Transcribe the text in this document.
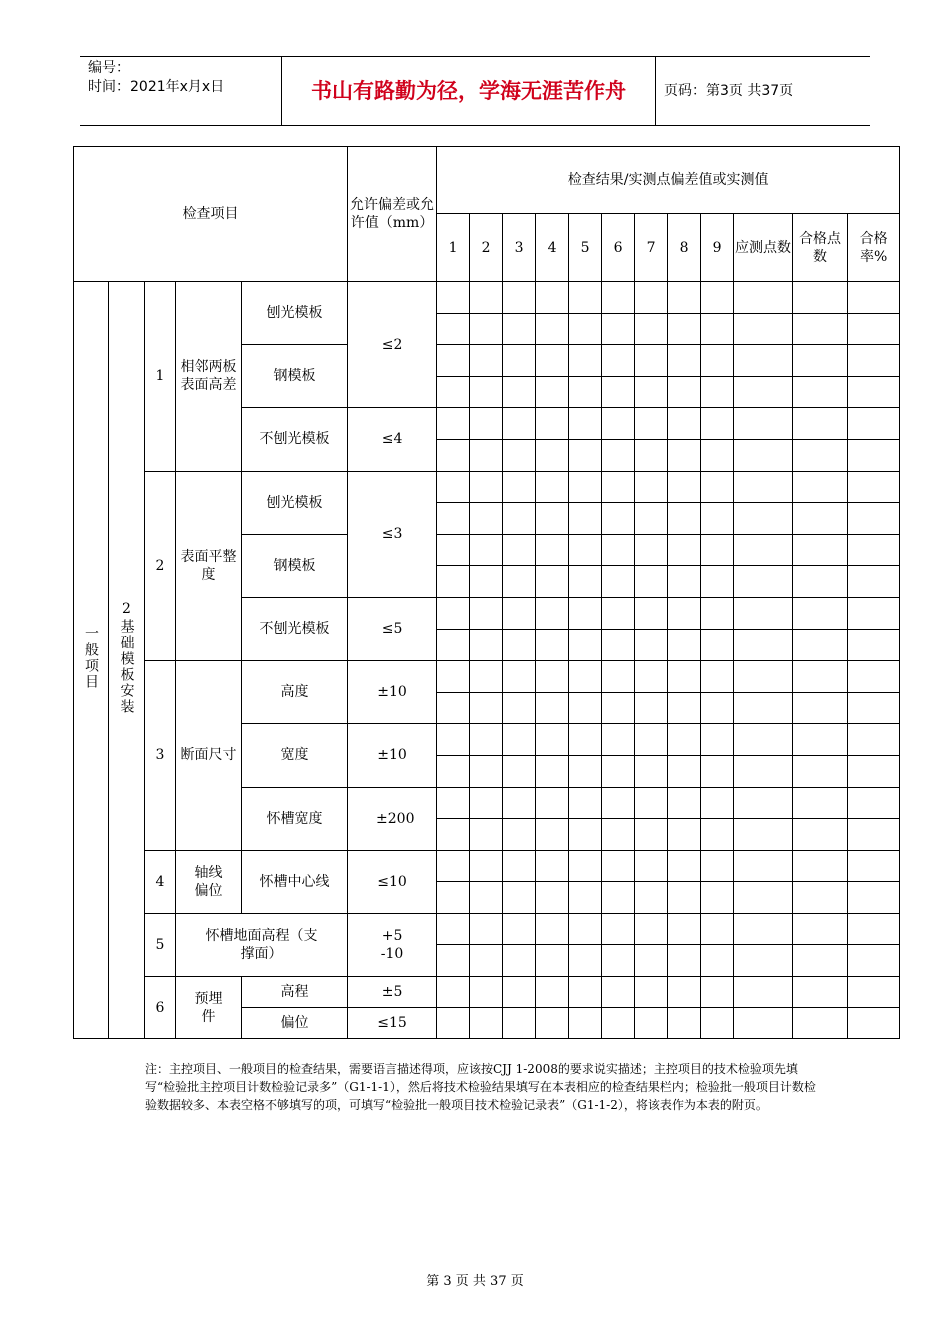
编号：
时间：2021年x月x日	书山有路勤为径，学海无涯苦作舟	页码：第3页 共37页
检查项目					允许偏差或允许值（mm）	检查结果/实测点偏差值或实测值											
						1	2	3	4	5	6	7	8	9	应测点数	合格点数	合格率%
一般项目	2基础模板安装	1	相邻两板表面高差	刨光模板	≤2												

				钢模板													

				不刨光模板	≤4												

		2	表面平整度	刨光模板	≤3												

				钢模板													

				不刨光模板	≤5												

		3	断面尺寸	高度	±10												

				宽度	±10												

				怀槽宽度	±200												

		4	轴线偏位	怀槽中心线	≤10												

		5	怀槽地面高程（支撑面）		+5 -10												

		6	预埋件	高程	±5												
				偏位	≤15												
注：主控项目、一般项目的检查结果，需要语言描述得项，应该按CJJ 1-2008的要求说实描述；主控项目的技术检验项先填写“检验批主控项目计数检验记录多”（G1-1-1），然后将技术检验结果填写在本表相应的检查结果栏内；检验批一般项目计数检验数据较多、本表空格不够填写的项，可填写“检验批一般项目技术检验记录表”（G1-1-2），将该表作为本表的附页。
第 3 页 共 37 页
